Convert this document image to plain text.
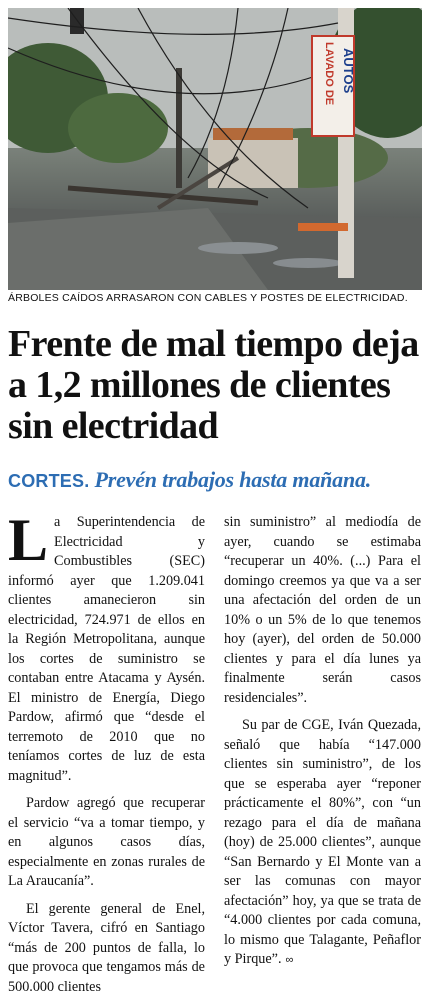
LAVADO DE AUTOS
ÁRBOLES CAÍDOS ARRASARON CON CABLES Y POSTES DE ELECTRICIDAD.
Frente de mal tiempo deja a 1,2 millones de clientes sin electridad
CORTES. Prevén trabajos hasta mañana.

La Superintendencia de Electricidad y Combustibles (SEC) informó ayer que 1.209.041 clientes amanecieron sin electricidad, 724.971 de ellos en la Región Metropolitana, aunque los cortes de suministro se contaban entre Atacama y Aysén. El ministro de Energía, Diego Pardow, afirmó que “desde el terremoto de 2010 que no teníamos cortes de luz de esta magnitud”.

Pardow agregó que recuperar el servicio “va a tomar tiempo, y en algunos casos días, especialmente en zonas rurales de La Araucanía”.

El gerente general de Enel, Víctor Tavera, cifró en Santiago “más de 200 puntos de falla, lo que provoca que tengamos más de 500.000 clientes

sin suministro” al mediodía de ayer, cuando se estimaba “recuperar un 40%. (...) Para el domingo creemos ya que va a ser una afectación del orden de un 10% o un 5% de lo que tenemos hoy (ayer), del orden de 50.000 clientes y para el día lunes ya finalmente serán casos residenciales”.

Su par de CGE, Iván Quezada, señaló que había “147.000 clientes sin suministro”, de los que se esperaba ayer “reponer prácticamente el 80%”, con “un rezago para el día de mañana (hoy) de 25.000 clientes”, aunque “San Bernardo y El Monte van a ser las comunas con mayor afectación” hoy, ya que se trata de “4.000 clientes por cada comuna, lo mismo que Talagante, Peñaflor y Pirque”. ∞
